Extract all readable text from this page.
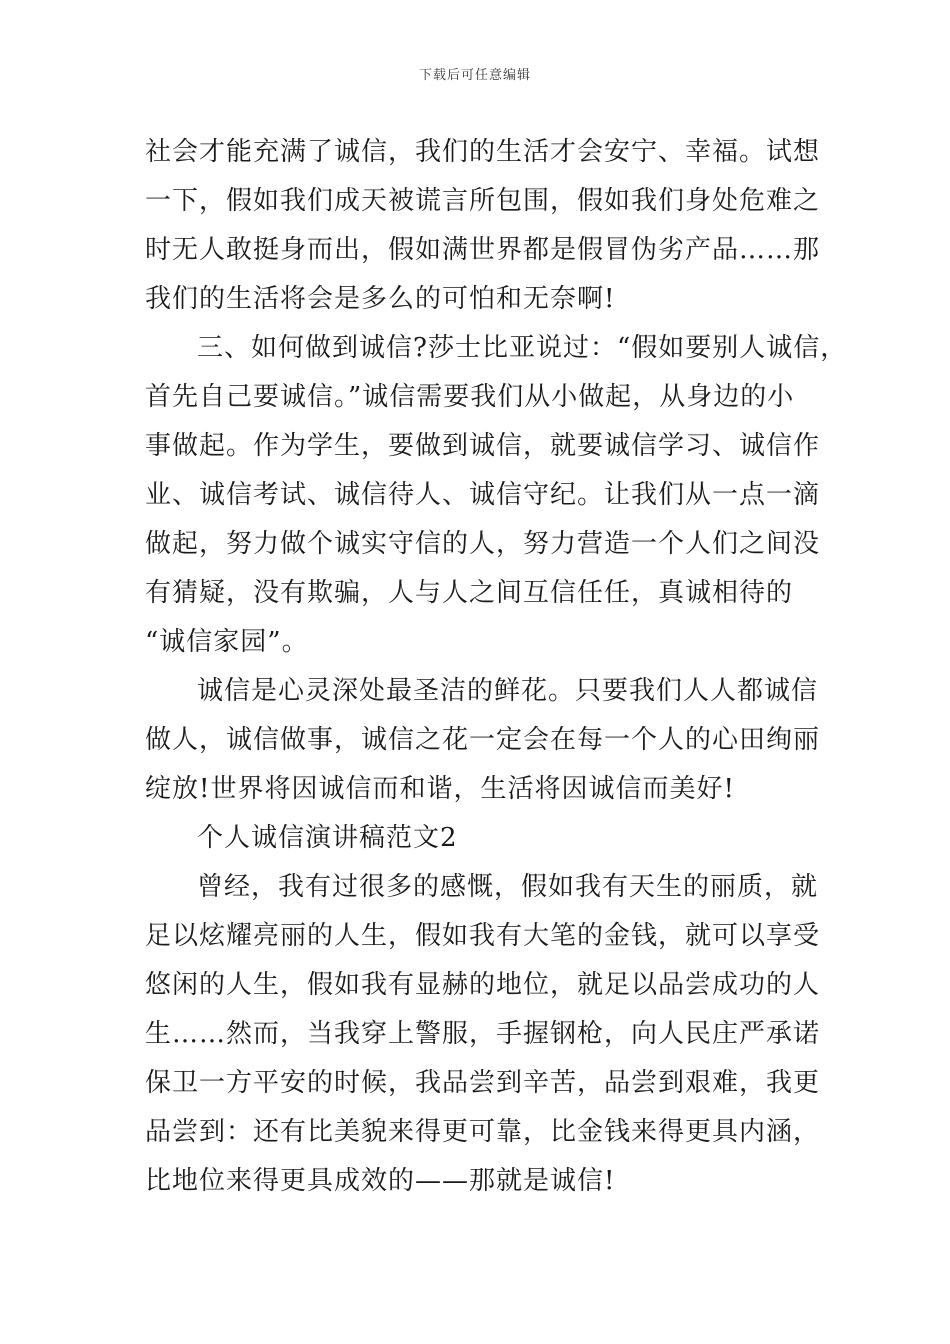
下载后可任意编辑
社会才能充满了诚信，我们的生活才会安宁、幸福。试想
一下，假如我们成天被谎言所包围，假如我们身处危难之
时无人敢挺身而出，假如满世界都是假冒伪劣产品……那
我们的生活将会是多么的可怕和无奈啊!
三、如何做到诚信?莎士比亚说过：“假如要别人诚信，
首先自己要诚信。”诚信需要我们从小做起，从身边的小
事做起。作为学生，要做到诚信，就要诚信学习、诚信作
业、诚信考试、诚信待人、诚信守纪。让我们从一点一滴
做起，努力做个诚实守信的人，努力营造一个人们之间没
有猜疑，没有欺骗，人与人之间互信任任，真诚相待的
“诚信家园”。
诚信是心灵深处最圣洁的鲜花。只要我们人人都诚信
做人，诚信做事，诚信之花一定会在每一个人的心田绚丽
绽放!世界将因诚信而和谐，生活将因诚信而美好!
个人诚信演讲稿范文2
曾经，我有过很多的感慨，假如我有天生的丽质，就
足以炫耀亮丽的人生，假如我有大笔的金钱，就可以享受
悠闲的人生，假如我有显赫的地位，就足以品尝成功的人
生……然而，当我穿上警服，手握钢枪，向人民庄严承诺
保卫一方平安的时候，我品尝到辛苦，品尝到艰难，我更
品尝到：还有比美貌来得更可靠，比金钱来得更具内涵，
比地位来得更具成效的——那就是诚信!
